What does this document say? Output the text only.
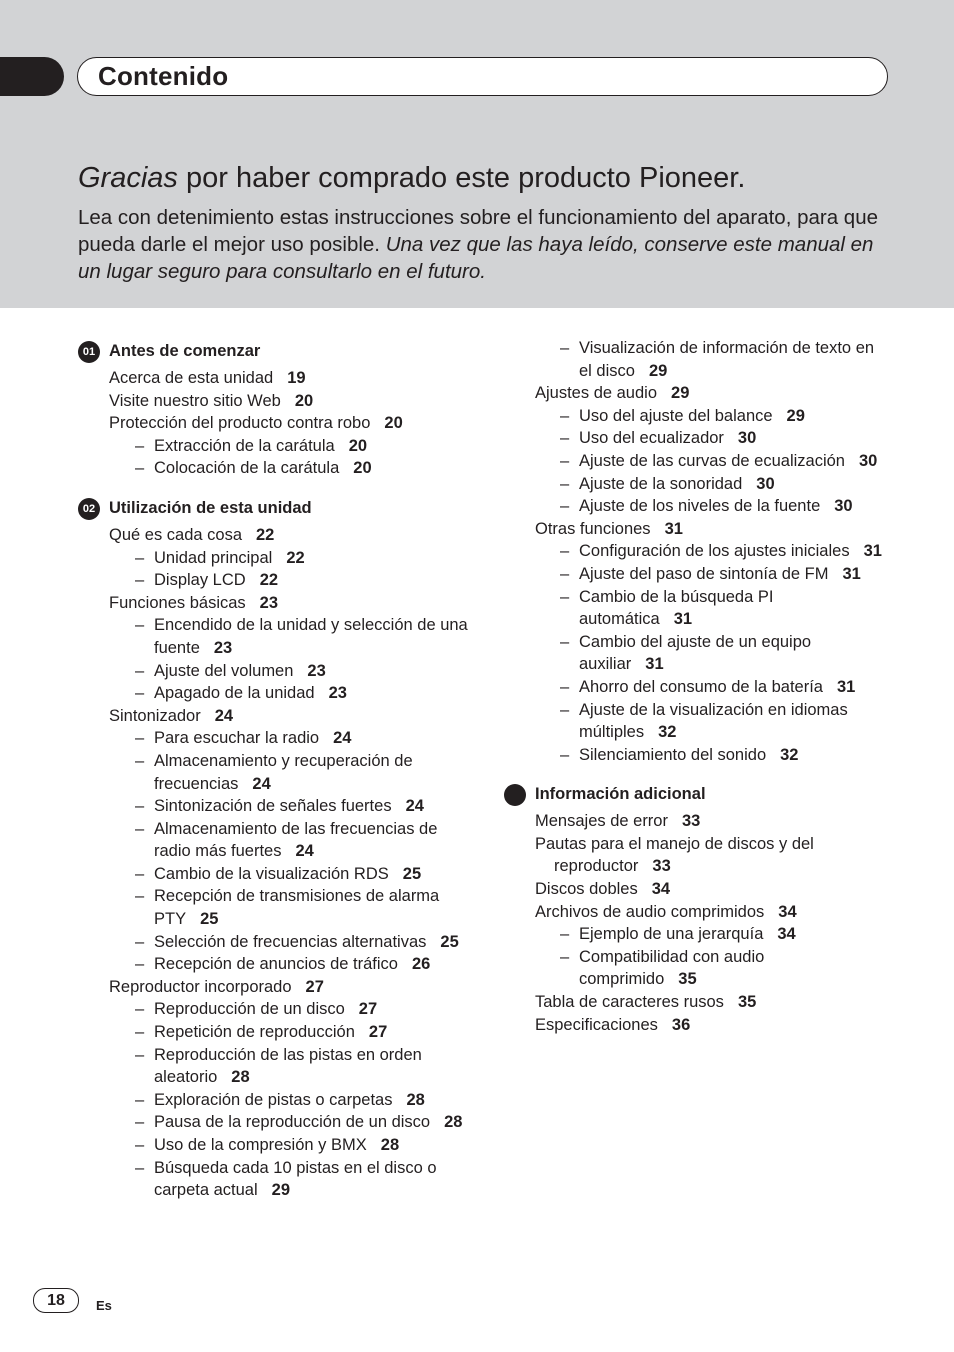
Contenido
Gracias por haber comprado este producto Pioneer.

Lea con detenimiento estas instrucciones sobre el funcionamiento del aparato, para que pueda darle el mejor uso posible. Una vez que las haya leído, conserve este manual en un lugar seguro para consultarlo en el futuro.

01 Antes de comenzar
Acerca de esta unidad 19
Visite nuestro sitio Web 20
Protección del producto contra robo 20
– Extracción de la carátula 20
– Colocación de la carátula 20
02 Utilización de esta unidad
Qué es cada cosa 22
– Unidad principal 22
– Display LCD 22
Funciones básicas 23
– Encendido de la unidad y selección de una fuente 23
– Ajuste del volumen 23
– Apagado de la unidad 23
Sintonizador 24
– Para escuchar la radio 24
– Almacenamiento y recuperación de frecuencias 24
– Sintonización de señales fuertes 24
– Almacenamiento de las frecuencias de radio más fuertes 24
– Cambio de la visualización RDS 25
– Recepción de transmisiones de alarma PTY 25
– Selección de frecuencias alternativas 25
– Recepción de anuncios de tráfico 26
Reproductor incorporado 27
– Reproducción de un disco 27
– Repetición de reproducción 27
– Reproducción de las pistas en orden aleatorio 28
– Exploración de pistas o carpetas 28
– Pausa de la reproducción de un disco 28
– Uso de la compresión y BMX 28
– Búsqueda cada 10 pistas en el disco o carpeta actual 29
– Visualización de información de texto en el disco 29
Ajustes de audio 29
– Uso del ajuste del balance 29
– Uso del ecualizador 30
– Ajuste de las curvas de ecualización 30
– Ajuste de la sonoridad 30
– Ajuste de los niveles de la fuente 30
Otras funciones 31
– Configuración de los ajustes iniciales 31
– Ajuste del paso de sintonía de FM 31
– Cambio de la búsqueda PI automática 31
– Cambio del ajuste de un equipo auxiliar 31
– Ahorro del consumo de la batería 31
– Ajuste de la visualización en idiomas múltiples 32
– Silenciamiento del sonido 32
Información adicional
Mensajes de error 33
Pautas para el manejo de discos y del reproductor 33
Discos dobles 34
Archivos de audio comprimidos 34
– Ejemplo de una jerarquía 34
– Compatibilidad con audio comprimido 35
Tabla de caracteres rusos 35
Especificaciones 36
18	Es
